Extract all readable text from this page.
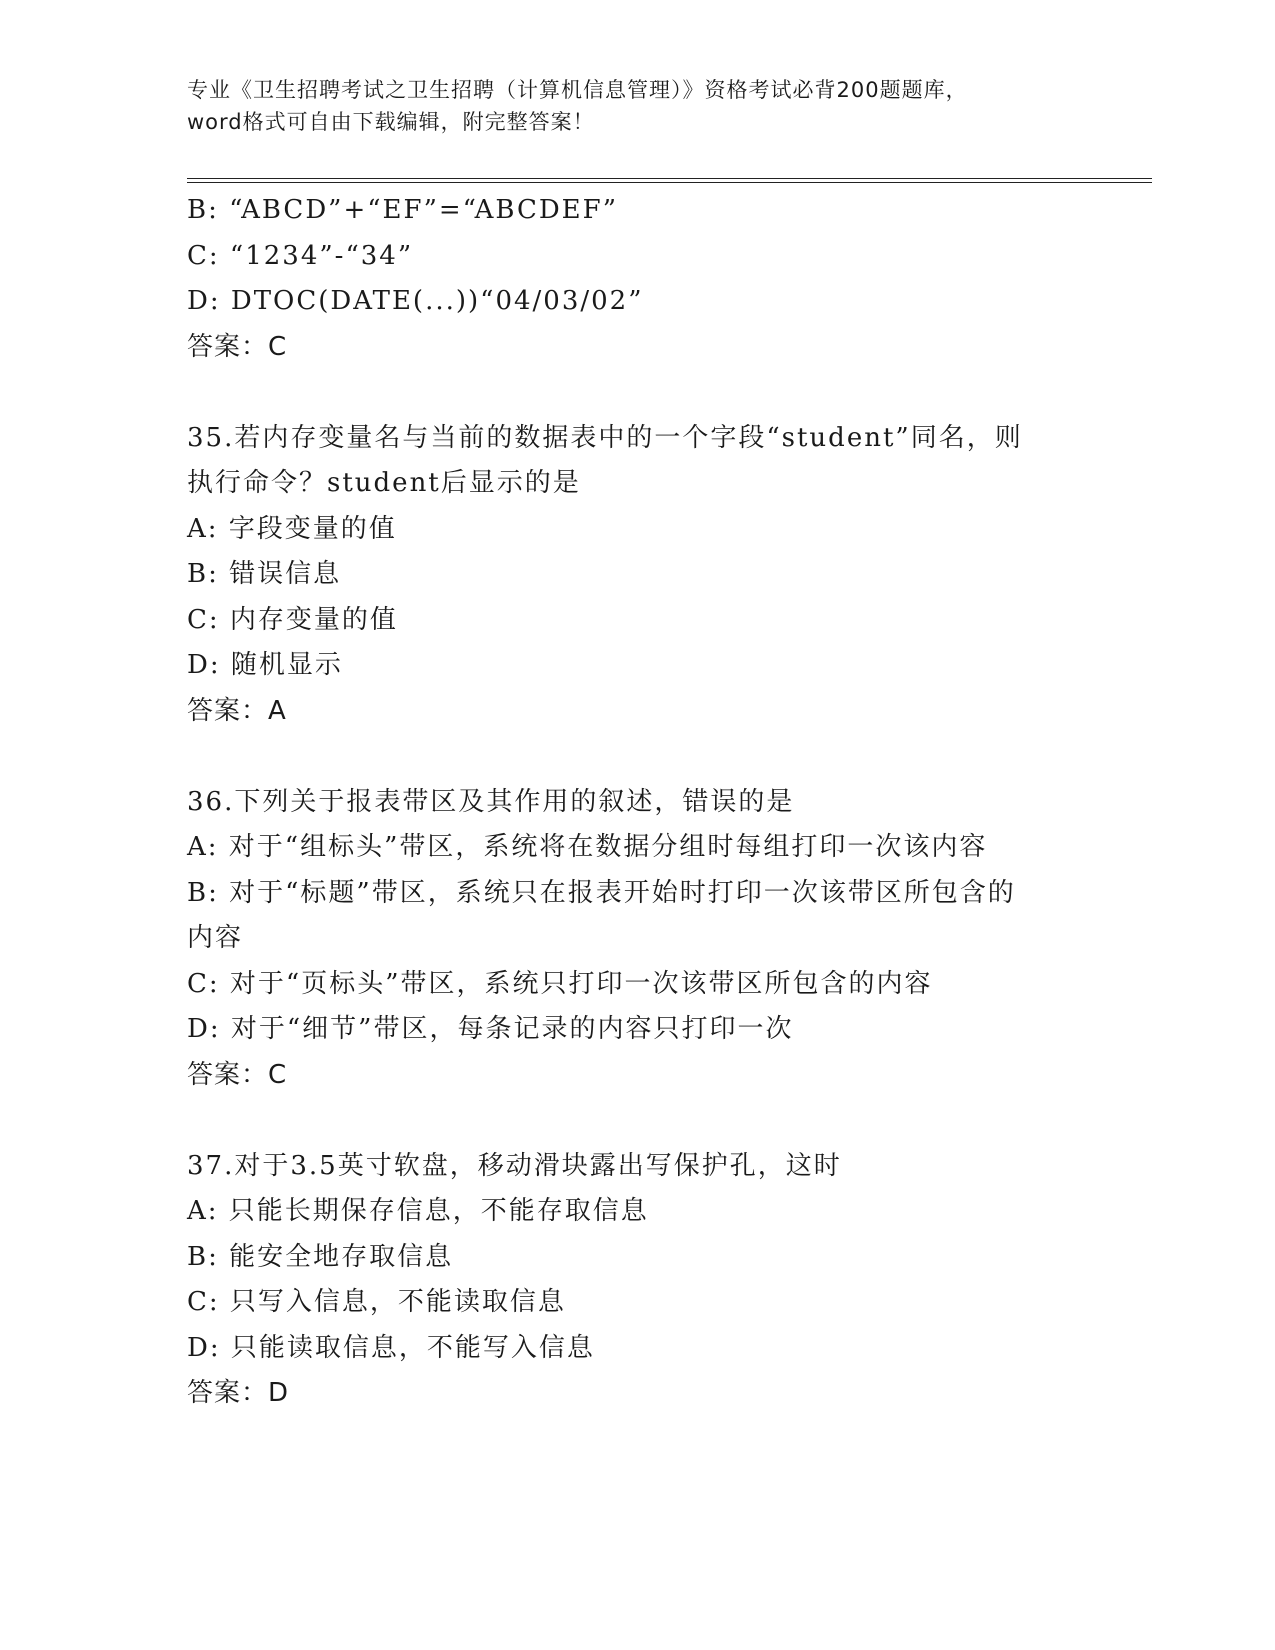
专业《卫生招聘考试之卫生招聘（计算机信息管理）》资格考试必背200题题库，
word格式可自由下载编辑，附完整答案！
B: “ABCD”+“EF”=“ABCDEF”
C: “1234”-“34”
D: DTOC(DATE(...))“04/03/02”
答案：C
35.若内存变量名与当前的数据表中的一个字段“student”同名，则
执行命令？student后显示的是
A: 字段变量的值
B: 错误信息
C: 内存变量的值
D: 随机显示
答案：A
36.下列关于报表带区及其作用的叙述，错误的是
A: 对于“组标头”带区，系统将在数据分组时每组打印一次该内容
B: 对于“标题”带区，系统只在报表开始时打印一次该带区所包含的
内容
C: 对于“页标头”带区，系统只打印一次该带区所包含的内容
D: 对于“细节”带区，每条记录的内容只打印一次
答案：C
37.对于3.5英寸软盘，移动滑块露出写保护孔，这时
A: 只能长期保存信息，不能存取信息
B: 能安全地存取信息
C: 只写入信息，不能读取信息
D: 只能读取信息，不能写入信息
答案：D
